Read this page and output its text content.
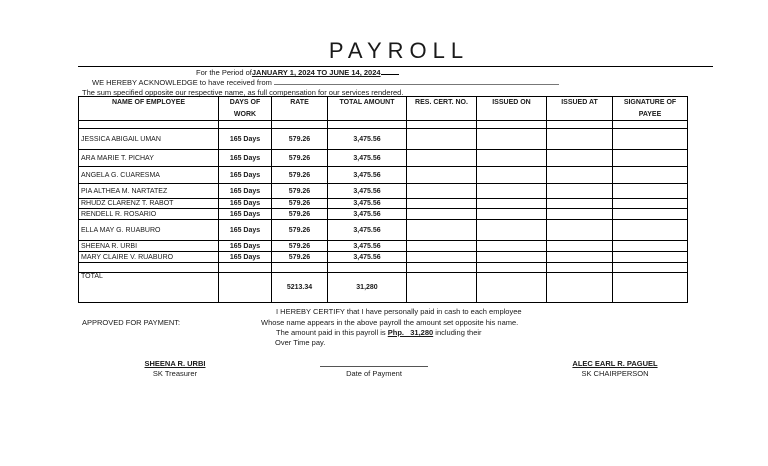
PAYROLL
For the Period ofJANUARY 1, 2024 TO JUNE 14, 2024
WE HEREBY ACKNOWLEDGE to have received from
The sum specified opposite our respective name, as full compensation for our services rendered.
NAME OF EMPLOYEE	DAYS OF WORK	RATE	TOTAL AMOUNT	RES. CERT. NO.	ISSUED ON	ISSUED AT	SIGNATURE OF PAYEE

JESSICA ABIGAIL UMAN	165 Days	579.26	3,475.56				
ARA MARIE T. PICHAY	165 Days	579.26	3,475.56				
ANGELA G. CUARESMA	165 Days	579.26	3,475.56				
PIA ALTHEA M. NARTATEZ	165 Days	579.26	3,475.56				
RHUDZ CLARENZ T. RABOT	165 Days	579.26	3,475.56				
RENDELL R. ROSARIO	165 Days	579.26	3,475.56				
ELLA MAY G. RUABURO	165 Days	579.26	3,475.56				
SHEENA R. URBI	165 Days	579.26	3,475.56				
MARY CLAIRE V. RUABURO	165 Days	579.26	3,475.56				

TOTAL		5213.34	31,280				
I HEREBY CERTIFY that I have personally paid in cash to each employee
APPROVED FOR PAYMENT:	Whose name appears in the above payroll the amount set opposite his name.
The amount paid in this payroll is Php.   31,280 including their
Over Time pay.
SHEENA R. URBI
SK Treasurer	Date of Payment
ALEC EARL R. PAGUEL
SK CHAIRPERSON
